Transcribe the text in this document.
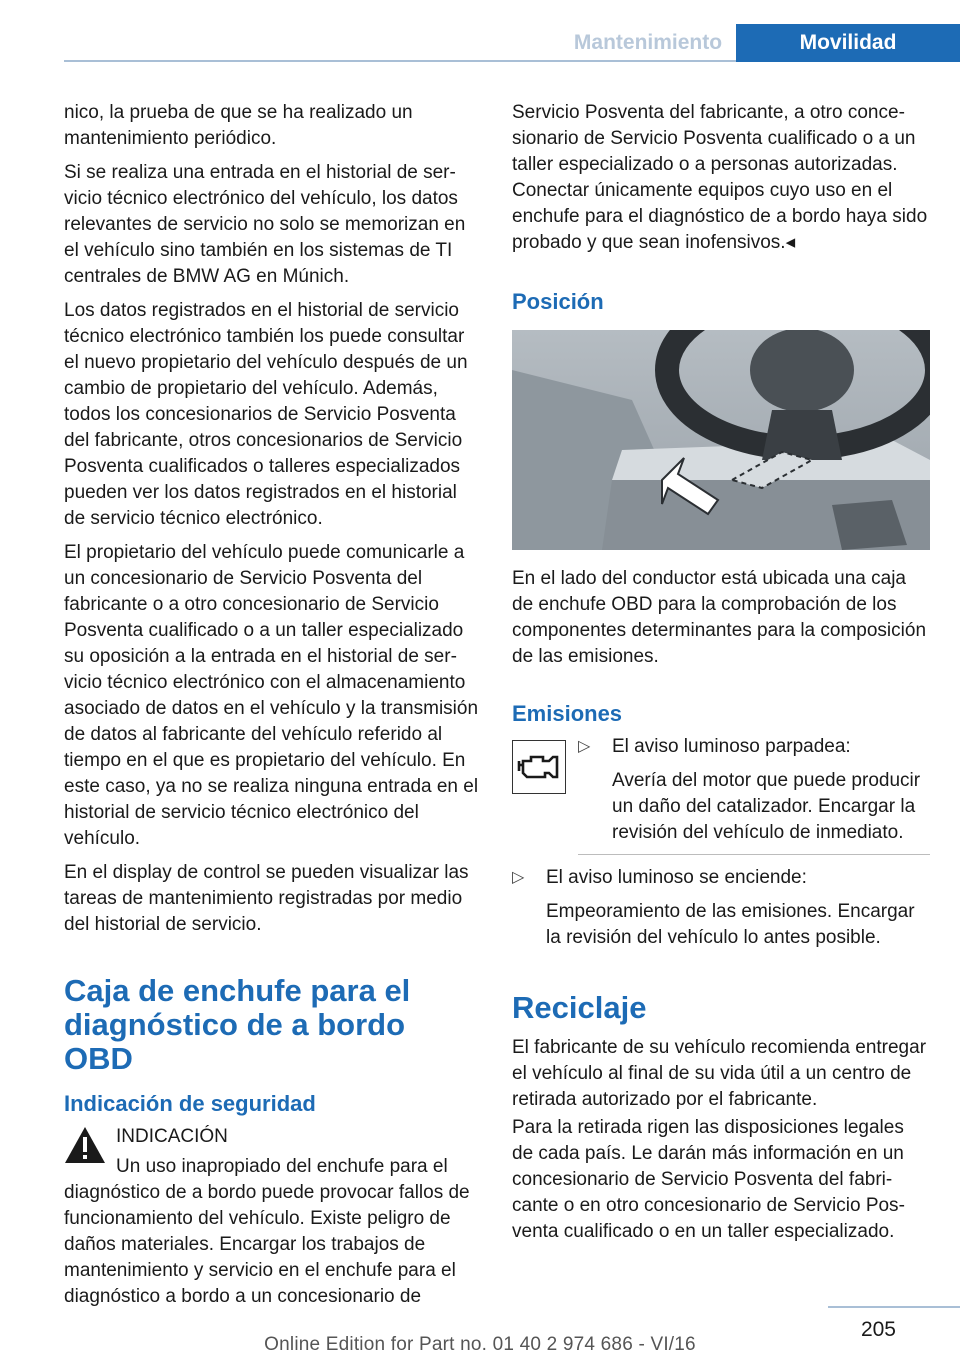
Mantenimiento	Movilidad

nico, la prueba de que se ha realizado un mantenimiento periódico.

Si se realiza una entrada en el historial de servicio técnico electrónico del vehículo, los datos relevantes de servicio no solo se memorizan en el vehículo sino también en los sistemas de TI centrales de BMW AG en Múnich.

Los datos registrados en el historial de servicio técnico electrónico también los puede consultar el nuevo propietario del vehículo después de un cambio de propietario del vehículo. Además, todos los concesionarios de Servicio Posventa del fabricante, otros concesionarios de Servicio Posventa cualificados o talleres especializados pueden ver los datos registrados en el historial de servicio técnico electrónico.

El propietario del vehículo puede comunicarle a un concesionario de Servicio Posventa del fabricante o a otro concesionario de Servicio Posventa cualificado o a un taller especializado su oposición a la entrada en el historial de servicio técnico electrónico con el almacenamiento asociado de datos en el vehículo y la transmisión de datos al fabricante del vehículo referido al tiempo en el que es propietario del vehículo. En este caso, ya no se realiza ninguna entrada en el historial de servicio técnico electrónico del vehículo.

En el display de control se pueden visualizar las tareas de mantenimiento registradas por medio del historial de servicio.

Caja de enchufe para el diagnóstico de a bordo OBD
Indicación de seguridad

INDICACIÓN

Un uso inapropiado del enchufe para el

diagnóstico de a bordo puede provocar fallos de funcionamiento del vehículo. Existe peligro de daños materiales. Encargar los trabajos de mantenimiento y servicio en el enchufe para el diagnóstico a bordo a un concesionario de

Servicio Posventa del fabricante, a otro concesionario de Servicio Posventa cualificado o a un taller especializado o a personas autorizadas. Conectar únicamente equipos cuyo uso en el enchufe para el diagnóstico de a bordo haya sido probado y que sean inofensivos.◂

Posición

En el lado del conductor está ubicada una caja de enchufe OBD para la comprobación de los componentes determinantes para la composición de las emisiones.

Emisiones
▷ El aviso luminoso parpadea:

Avería del motor que puede producir un daño del catalizador. Encargar la revisión del vehículo de inmediato.

▷ El aviso luminoso se enciende:

Empeoramiento de las emisiones. Encargar la revisión del vehículo lo antes posible.

Reciclaje

El fabricante de su vehículo recomienda entregar el vehículo al final de su vida útil a un centro de retirada autorizado por el fabricante.

Para la retirada rigen las disposiciones legales de cada país. Le darán más información en un concesionario de Servicio Posventa del fabricante o en otro concesionario de Servicio Posventa cualificado o en un taller especializado.

205
Online Edition for Part no. 01 40 2 974 686 - VI/16
